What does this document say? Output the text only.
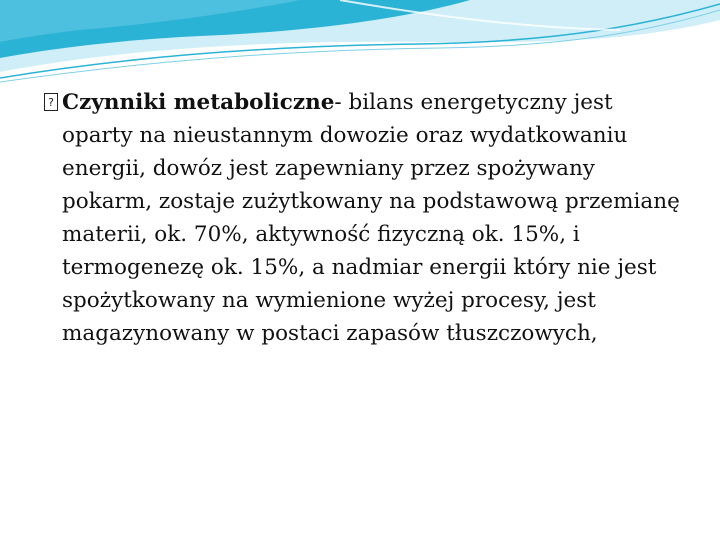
?Czynniki metaboliczne- bilans energetyczny jest oparty na nieustannym dowozie oraz wydatkowaniu energii, dowóz jest zapewniany przez spożywany pokarm, zostaje zużytkowany na podstawową przemianę materii, ok. 70%, aktywność fizyczną ok. 15%, i termogenezę ok. 15%, a nadmiar energii który nie jest spożytkowany na wymienione wyżej procesy, jest magazynowany w postaci zapasów tłuszczowych,
